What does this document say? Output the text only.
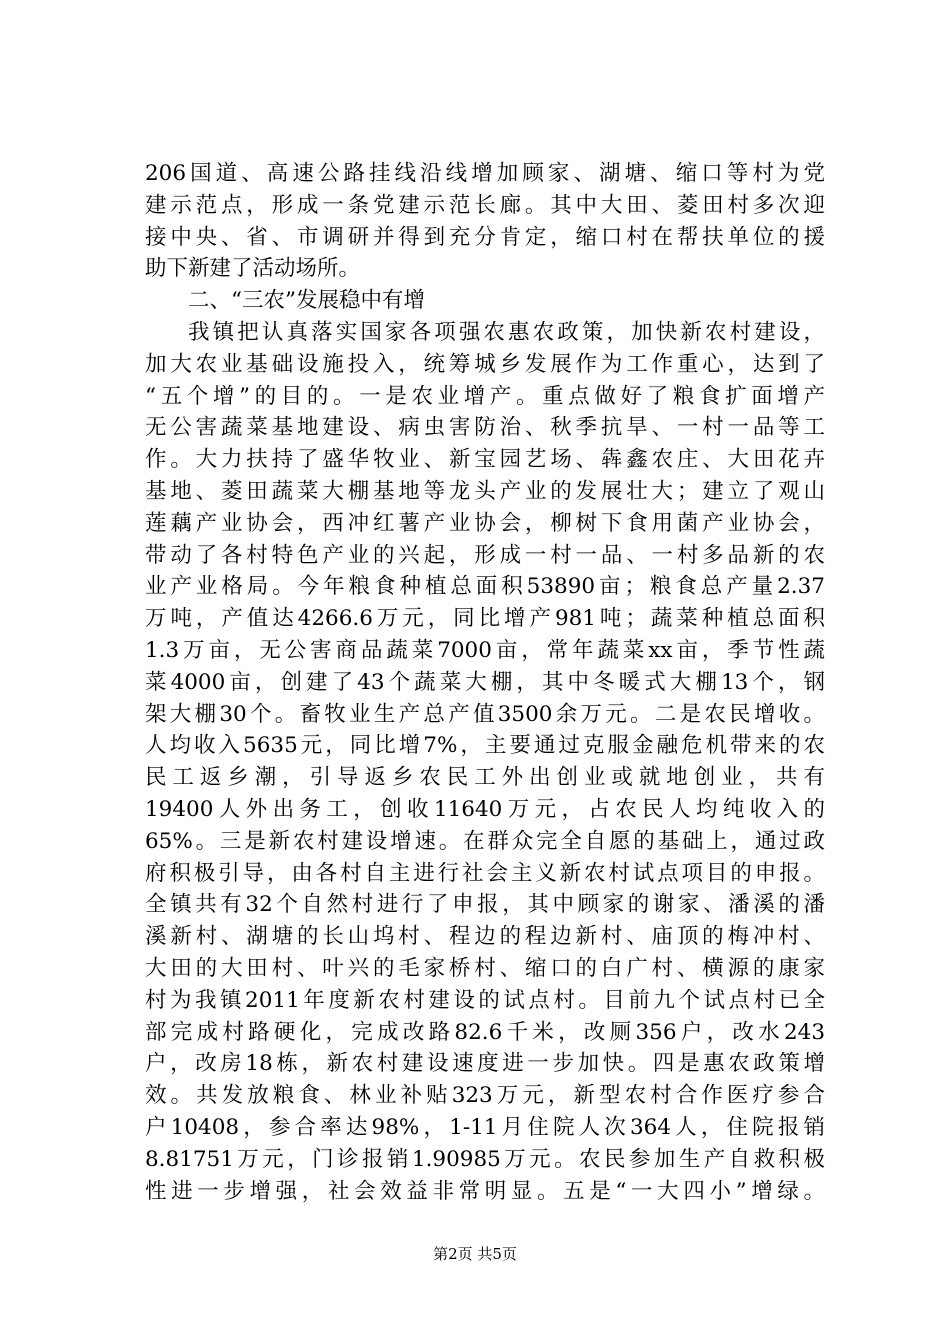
206国道、高速公路挂线沿线增加顾家、湖塘、缩口等村为党
建示范点，形成一条党建示范长廊。其中大田、菱田村多次迎
接中央、省、市调研并得到充分肯定，缩口村在帮扶单位的援
助下新建了活动场所。
二、“三农”发展稳中有增
我镇把认真落实国家各项强农惠农政策，加快新农村建设，
加大农业基础设施投入，统筹城乡发展作为工作重心，达到了
“五个增”的目的。一是农业增产。重点做好了粮食扩面增产
无公害蔬菜基地建设、病虫害防治、秋季抗旱、一村一品等工
作。大力扶持了盛华牧业、新宝园艺场、犇鑫农庄、大田花卉
基地、菱田蔬菜大棚基地等龙头产业的发展壮大；建立了观山
莲藕产业协会，西冲红薯产业协会，柳树下食用菌产业协会，
带动了各村特色产业的兴起，形成一村一品、一村多品新的农
业产业格局。今年粮食种植总面积53890亩；粮食总产量2.37
万吨，产值达4266.6万元，同比增产981吨；蔬菜种植总面积
1.3万亩，无公害商品蔬菜7000亩，常年蔬菜xx亩，季节性蔬
菜4000亩，创建了43个蔬菜大棚，其中冬暖式大棚13个，钢
架大棚30个。畜牧业生产总产值3500余万元。二是农民增收。
人均收入5635元，同比增7%，主要通过克服金融危机带来的农
民工返乡潮，引导返乡农民工外出创业或就地创业，共有
19400人外出务工，创收11640万元，占农民人均纯收入的
65%。三是新农村建设增速。在群众完全自愿的基础上，通过政
府积极引导，由各村自主进行社会主义新农村试点项目的申报。
全镇共有32个自然村进行了申报，其中顾家的谢家、潘溪的潘
溪新村、湖塘的长山坞村、程边的程边新村、庙顶的梅冲村、
大田的大田村、叶兴的毛家桥村、缩口的白广村、横源的康家
村为我镇2011年度新农村建设的试点村。目前九个试点村已全
部完成村路硬化，完成改路82.6千米，改厕356户，改水243
户，改房18栋，新农村建设速度进一步加快。四是惠农政策增
效。共发放粮食、林业补贴323万元，新型农村合作医疗参合
户10408，参合率达98%，1-11月住院人次364人，住院报销
8.81751万元，门诊报销1.90985万元。农民参加生产自救积极
性进一步增强，社会效益非常明显。五是“一大四小”增绿。
第2页 共5页
